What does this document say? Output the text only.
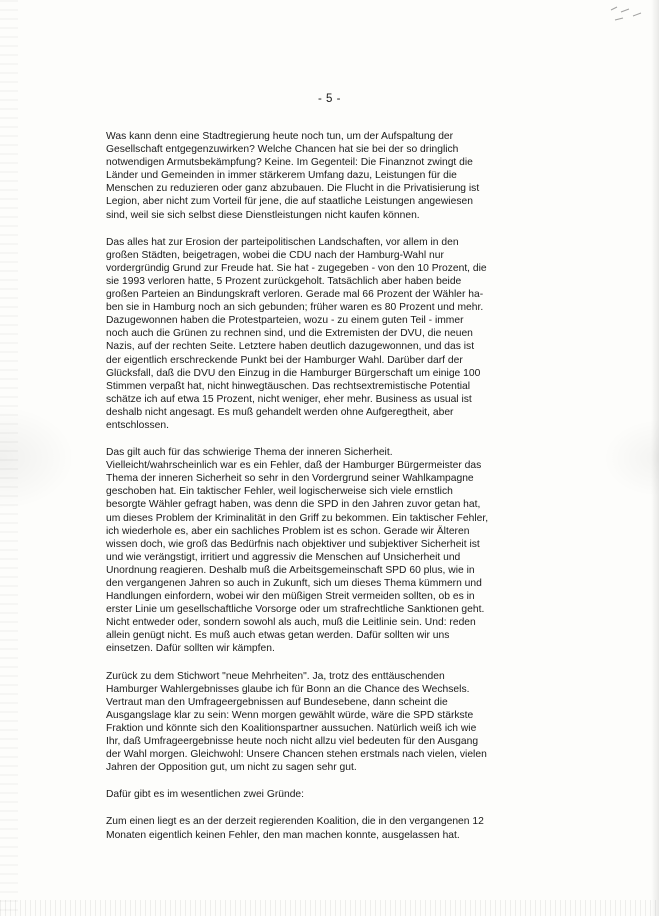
- 5 -

Was kann denn eine Stadtregierung heute noch tun, um der Aufspaltung der
Gesellschaft entgegenzuwirken? Welche Chancen hat sie bei der so dringlich
notwendigen Armutsbekämpfung? Keine. Im Gegenteil: Die Finanznot zwingt die
Länder und Gemeinden in immer stärkerem Umfang dazu, Leistungen für die
Menschen zu reduzieren oder ganz abzubauen. Die Flucht in die Privatisierung ist
Legion, aber nicht zum Vorteil für jene, die auf staatliche Leistungen angewiesen
sind, weil sie sich selbst diese Dienstleistungen nicht kaufen können.

Das alles hat zur Erosion der parteipolitischen Landschaften, vor allem in den
großen Städten, beigetragen, wobei die CDU nach der Hamburg-Wahl nur
vordergründig Grund zur Freude hat. Sie hat - zugegeben - von den 10 Prozent, die
sie 1993 verloren hatte, 5 Prozent zurückgeholt. Tatsächlich aber haben beide
großen Parteien an Bindungskraft verloren. Gerade mal 66 Prozent der Wähler ha-
ben sie in Hamburg noch an sich gebunden; früher waren es 80 Prozent und mehr.
Dazugewonnen haben die Protestparteien, wozu - zu einem guten Teil - immer
noch auch die Grünen zu rechnen sind, und die Extremisten der DVU, die neuen
Nazis, auf der rechten Seite. Letztere haben deutlich dazugewonnen, und das ist
der eigentlich erschreckende Punkt bei der Hamburger Wahl. Darüber darf der
Glücksfall, daß die DVU den Einzug in die Hamburger Bürgerschaft um einige 100
Stimmen verpaßt hat, nicht hinwegtäuschen. Das rechtsextremistische Potential
schätze ich auf etwa 15 Prozent, nicht weniger, eher mehr. Business as usual ist
deshalb nicht angesagt. Es muß gehandelt werden ohne Aufgeregtheit, aber
entschlossen.

Das gilt auch für das schwierige Thema der inneren Sicherheit.
Vielleicht/wahrscheinlich war es ein Fehler, daß der Hamburger Bürgermeister das
Thema der inneren Sicherheit so sehr in den Vordergrund seiner Wahlkampagne
geschoben hat. Ein taktischer Fehler, weil logischerweise sich viele ernstlich
besorgte Wähler gefragt haben, was denn die SPD in den Jahren zuvor getan hat,
um dieses Problem der Kriminalität in den Griff zu bekommen. Ein taktischer Fehler,
ich wiederhole es, aber ein sachliches Problem ist es schon. Gerade wir Älteren
wissen doch, wie groß das Bedürfnis nach objektiver und subjektiver Sicherheit ist
und wie verängstigt, irritiert und aggressiv die Menschen auf Unsicherheit und
Unordnung reagieren. Deshalb muß die Arbeitsgemeinschaft SPD 60 plus, wie in
den vergangenen Jahren so auch in Zukunft, sich um dieses Thema kümmern und
Handlungen einfordern, wobei wir den müßigen Streit vermeiden sollten, ob es in
erster Linie um gesellschaftliche Vorsorge oder um strafrechtliche Sanktionen geht.
Nicht entweder oder, sondern sowohl als auch, muß die Leitlinie sein. Und: reden
allein genügt nicht. Es muß auch etwas getan werden. Dafür sollten wir uns
einsetzen. Dafür sollten wir kämpfen.

Zurück zu dem Stichwort "neue Mehrheiten". Ja, trotz des enttäuschenden
Hamburger Wahlergebnisses glaube ich für Bonn an die Chance des Wechsels.
Vertraut man den Umfrageergebnissen auf Bundesebene, dann scheint die
Ausgangslage klar zu sein: Wenn morgen gewählt würde, wäre die SPD stärkste
Fraktion und könnte sich den Koalitionspartner aussuchen. Natürlich weiß ich wie
Ihr, daß Umfrageergebnisse heute noch nicht allzu viel bedeuten für den Ausgang
der Wahl morgen. Gleichwohl: Unsere Chancen stehen erstmals nach vielen, vielen
Jahren der Opposition gut, um nicht zu sagen sehr gut.

Dafür gibt es im wesentlichen zwei Gründe:

Zum einen liegt es an der derzeit regierenden Koalition, die in den vergangenen 12
Monaten eigentlich keinen Fehler, den man machen konnte, ausgelassen hat.
